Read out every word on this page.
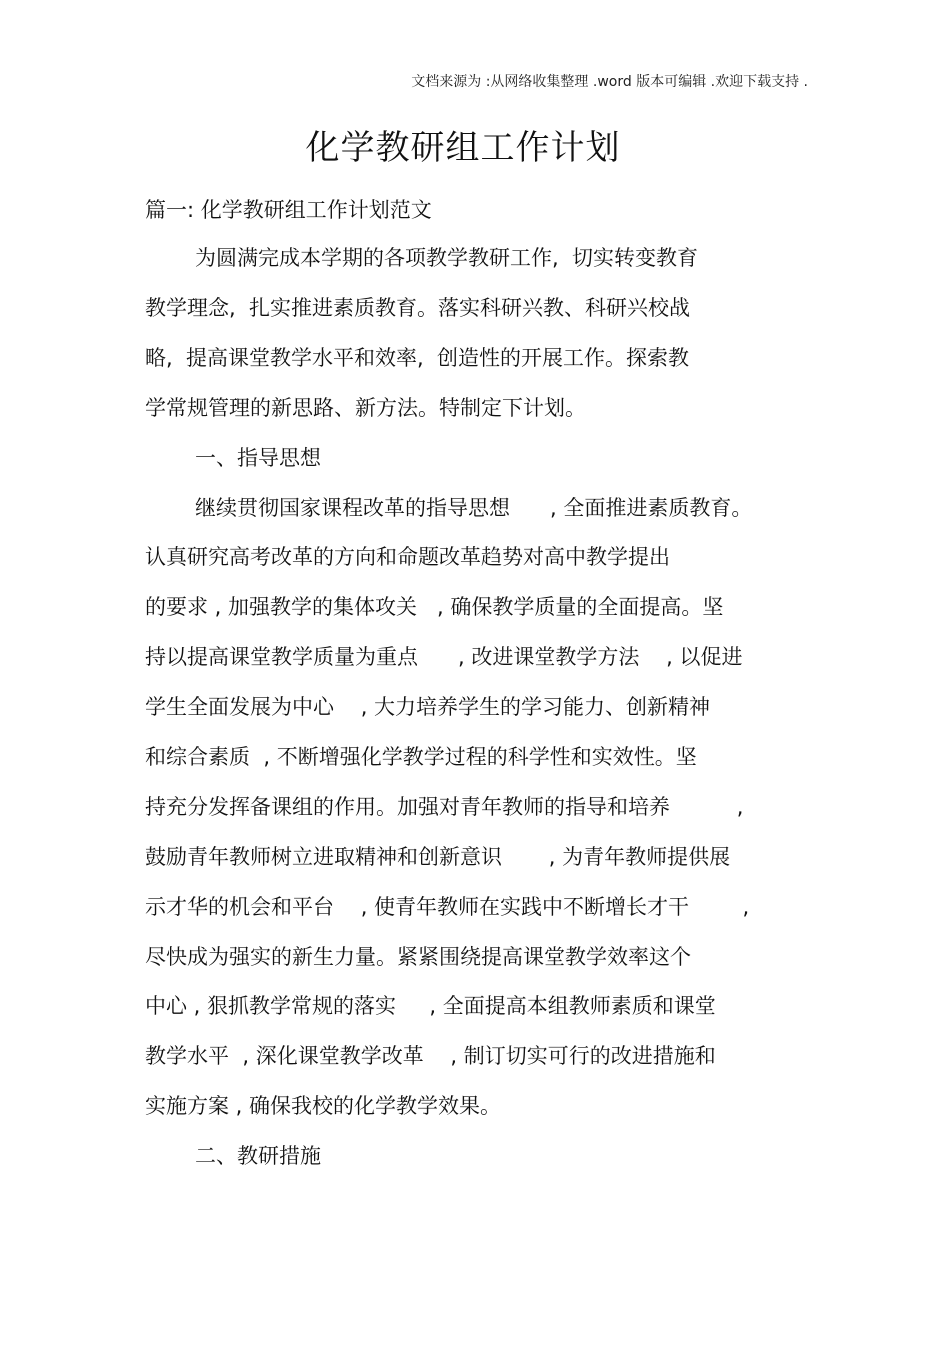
文档来源为 :从网络收集整理 .word 版本可编辑 .欢迎下载支持 .
化学教研组工作计划
篇一: 化学教研组工作计划范文
为圆满完成本学期的各项教学教研工作,  切实转变教育
教学理念,  扎实推进素质教育。落实科研兴教、科研兴校战
略,  提高课堂教学水平和效率,  创造性的开展工作。探索教
学常规管理的新思路、新方法。特制定下计划。
一、指导思想
继续贯彻国家课程改革的指导思想      , 全面推进素质教育。
认真研究高考改革的方向和命题改革趋势对高中教学提出
的要求 , 加强教学的集体攻关   , 确保教学质量的全面提高。坚
持以提高课堂教学质量为重点      , 改进课堂教学方法    , 以促进
学生全面发展为中心    , 大力培养学生的学习能力、创新精神
和综合素质  , 不断增强化学教学过程的科学性和实效性。坚
持充分发挥备课组的作用。加强对青年教师的指导和培养          ,
鼓励青年教师树立进取精神和创新意识       , 为青年教师提供展
示才华的机会和平台    , 使青年教师在实践中不断增长才干        ,
尽快成为强实的新生力量。紧紧围绕提高课堂教学效率这个
中心 , 狠抓教学常规的落实     , 全面提高本组教师素质和课堂
教学水平  , 深化课堂教学改革    , 制订切实可行的改进措施和
实施方案 , 确保我校的化学教学效果。
二、教研措施
